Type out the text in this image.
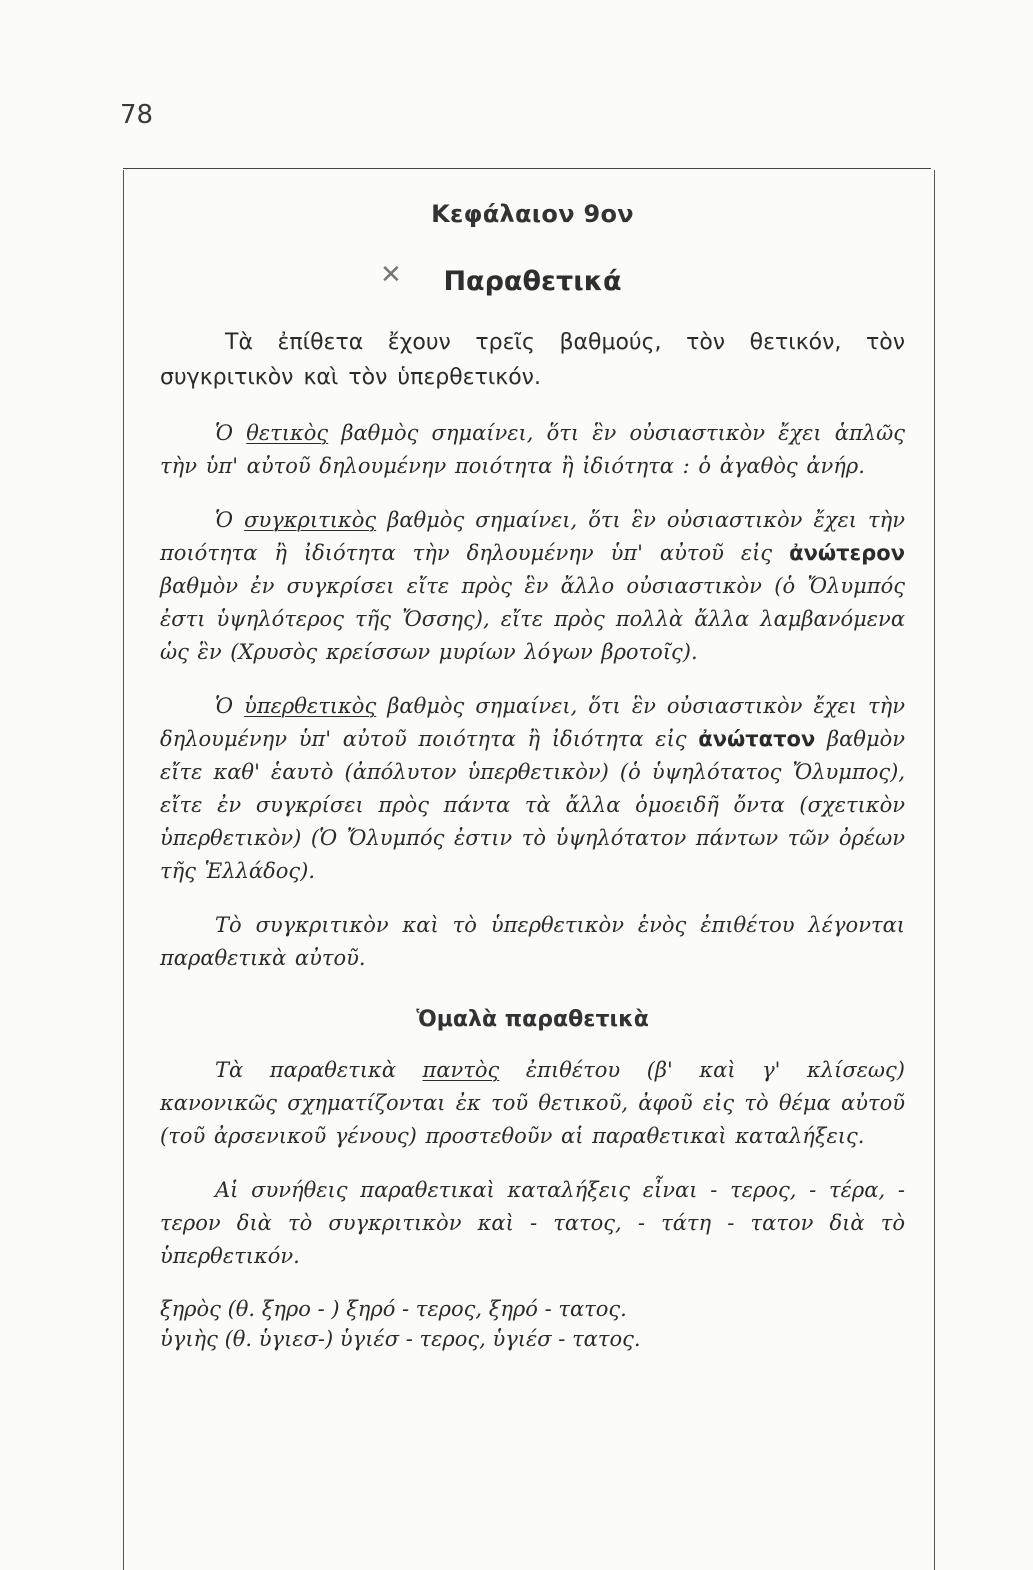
78
Κεφάλαιον 9ον
✕ Παραθετικά

Τὰ ἐπίθετα ἔχουν τρεῖς βαθμούς, τὸν θετικόν, τὸν συγκριτικὸν καὶ τὸν ὑπερθετικόν.

Ὁ θετικὸς βαθμὸς σημαίνει, ὅτι ἓν οὐσιαστικὸν ἔχει ἁπλῶς τὴν ὑπ' αὐτοῦ δηλουμένην ποιότητα ἢ ἰδιότητα : ὁ ἀγαθὸς ἀνήρ.

Ὁ συγκριτικὸς βαθμὸς σημαίνει, ὅτι ἓν οὐσιαστικὸν ἔχει τὴν ποιότητα ἢ ἰδιότητα τὴν δηλουμένην ὑπ' αὐτοῦ εἰς ἀνώτερον βαθμὸν ἐν συγκρίσει εἴτε πρὸς ἓν ἄλλο οὐσιαστικὸν (ὁ Ὄλυμπός ἐστι ὑψηλότερος τῆς Ὄσσης), εἴτε πρὸς πολλὰ ἄλλα λαμβανόμενα ὡς ἓν (Χρυσὸς κρείσσων μυρίων λόγων βροτοῖς).

Ὁ ὑπερθετικὸς βαθμὸς σημαίνει, ὅτι ἓν οὐσιαστικὸν ἔχει τὴν δηλουμένην ὑπ' αὐτοῦ ποιότητα ἢ ἰδιότητα εἰς ἀνώτατον βαθμὸν εἴτε καθ' ἑαυτὸ (ἀπόλυτον ὑπερθετικὸν) (ὁ ὑψηλότατος Ὄλυμπος), εἴτε ἐν συγκρίσει πρὸς πάντα τὰ ἄλλα ὁμοειδῆ ὄντα (σχετικὸν ὑπερθετικὸν) (Ὁ Ὄλυμπός ἐστιν τὸ ὑψηλότατον πάντων τῶν ὀρέων τῆς Ἑλλάδος).

Τὸ συγκριτικὸν καὶ τὸ ὑπερθετικὸν ἑνὸς ἐπιθέτου λέγονται παραθετικὰ αὐτοῦ.

Ὁμαλὰ παραθετικὰ

Τὰ παραθετικὰ παντὸς ἐπιθέτου (β' καὶ γ' κλίσεως) κανονικῶς σχηματίζονται ἐκ τοῦ θετικοῦ, ἀφοῦ εἰς τὸ θέμα αὐτοῦ (τοῦ ἀρσενικοῦ γένους) προστεθοῦν αἱ παραθετικαὶ καταλήξεις.

Αἱ συνήθεις παραθετικαὶ καταλήξεις εἶναι - τερος, - τέρα, - τερον διὰ τὸ συγκριτικὸν καὶ - τατος, - τάτη - τατον διὰ τὸ ὑπερθετικόν.

ξηρὸς (θ. ξηρο - ) ξηρό - τερος, ξηρό - τατος.

ὑγιὴς (θ. ὑγιεσ-) ὑγιέσ - τερος, ὑγιέσ - τατος.
